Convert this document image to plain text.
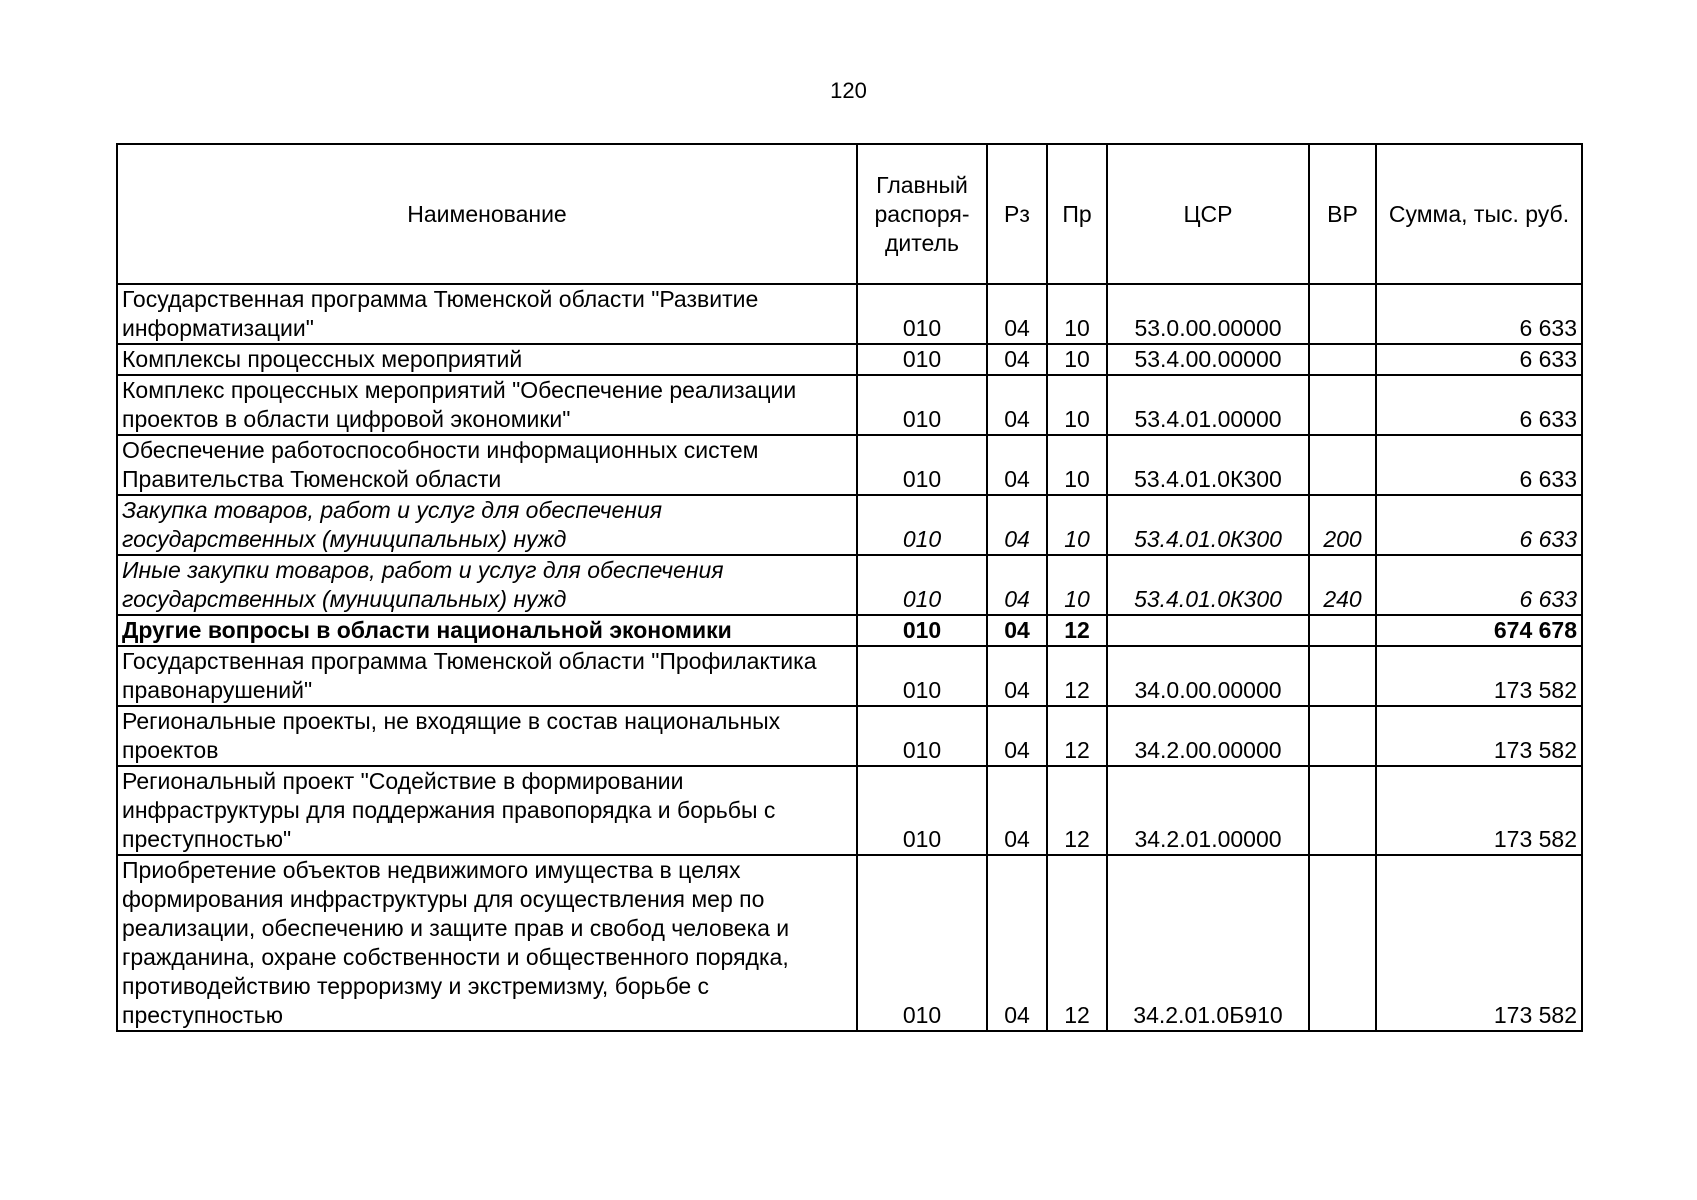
120
Наименование	Главный распоря-дитель	Рз	Пр	ЦСР	ВР	Сумма, тыс. руб.
Государственная программа Тюменской области "Развитие информатизации"	010	04	10	53.0.00.00000		6 633
Комплексы процессных мероприятий	010	04	10	53.4.00.00000		6 633
Комплекс процессных мероприятий "Обеспечение реализации проектов в области цифровой экономики"	010	04	10	53.4.01.00000		6 633
Обеспечение работоспособности информационных систем Правительства Тюменской области	010	04	10	53.4.01.0К300		6 633
Закупка товаров, работ и услуг для обеспечения государственных (муниципальных) нужд	010	04	10	53.4.01.0К300	200	6 633
Иные закупки товаров, работ и услуг для обеспечения государственных (муниципальных) нужд	010	04	10	53.4.01.0К300	240	6 633
Другие вопросы в области национальной экономики	010	04	12			674 678
Государственная программа Тюменской области "Профилактика правонарушений"	010	04	12	34.0.00.00000		173 582
Региональные проекты, не входящие в состав национальных проектов	010	04	12	34.2.00.00000		173 582
Региональный проект "Содействие в формировании инфраструктуры для поддержания правопорядка и борьбы с преступностью"	010	04	12	34.2.01.00000		173 582
Приобретение объектов недвижимого имущества в целях формирования инфраструктуры для осуществления мер по реализации, обеспечению и защите прав и свобод человека и гражданина, охране собственности и общественного порядка, противодействию терроризму и экстремизму, борьбе с преступностью	010	04	12	34.2.01.0Б910		173 582
